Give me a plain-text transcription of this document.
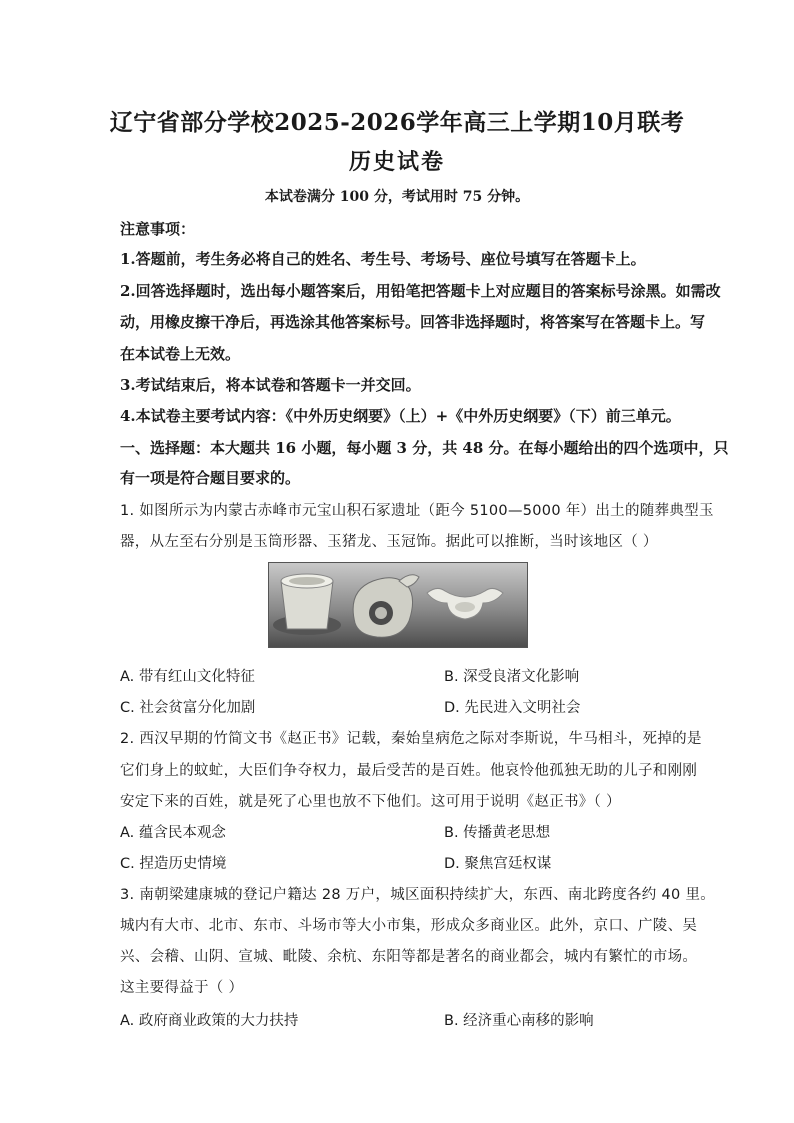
辽宁省部分学校2025-2026学年高三上学期10月联考
历史试卷
本试卷满分 100 分，考试用时 75 分钟。
注意事项：
1.答题前，考生务必将自己的姓名、考生号、考场号、座位号填写在答题卡上。
2.回答选择题时，选出每小题答案后，用铅笔把答题卡上对应题目的答案标号涂黑。如需改
动，用橡皮擦干净后，再选涂其他答案标号。回答非选择题时，将答案写在答题卡上。写
在本试卷上无效。
3.考试结束后，将本试卷和答题卡一并交回。
4.本试卷主要考试内容：《中外历史纲要》（上）+《中外历史纲要》（下）前三单元。
一、选择题：本大题共 16 小题，每小题 3 分，共 48 分。在每小题给出的四个选项中，只
有一项是符合题目要求的。
1. 如图所示为内蒙古赤峰市元宝山积石冢遗址（距今 5100—5000 年）出土的随葬典型玉
器，从左至右分别是玉筒形器、玉猪龙、玉冠饰。据此可以推断，当时该地区（ ）
A. 带有红山文化特征	B. 深受良渚文化影响
C. 社会贫富分化加剧	D. 先民进入文明社会
2. 西汉早期的竹简文书《赵正书》记载，秦始皇病危之际对李斯说，牛马相斗，死掉的是
它们身上的蚊虻，大臣们争夺权力，最后受苦的是百姓。他哀怜他孤独无助的儿子和刚刚
安定下来的百姓，就是死了心里也放不下他们。这可用于说明《赵正书》（ ）
A. 蕴含民本观念	B. 传播黄老思想
C. 捏造历史情境	D. 聚焦宫廷权谋
3. 南朝梁建康城的登记户籍达 28 万户，城区面积持续扩大，东西、南北跨度各约 40 里。
城内有大市、北市、东市、斗场市等大小市集，形成众多商业区。此外，京口、广陵、吴
兴、会稽、山阴、宣城、毗陵、余杭、东阳等都是著名的商业都会，城内有繁忙的市场。
这主要得益于（ ）
A. 政府商业政策的大力扶持	B. 经济重心南移的影响
